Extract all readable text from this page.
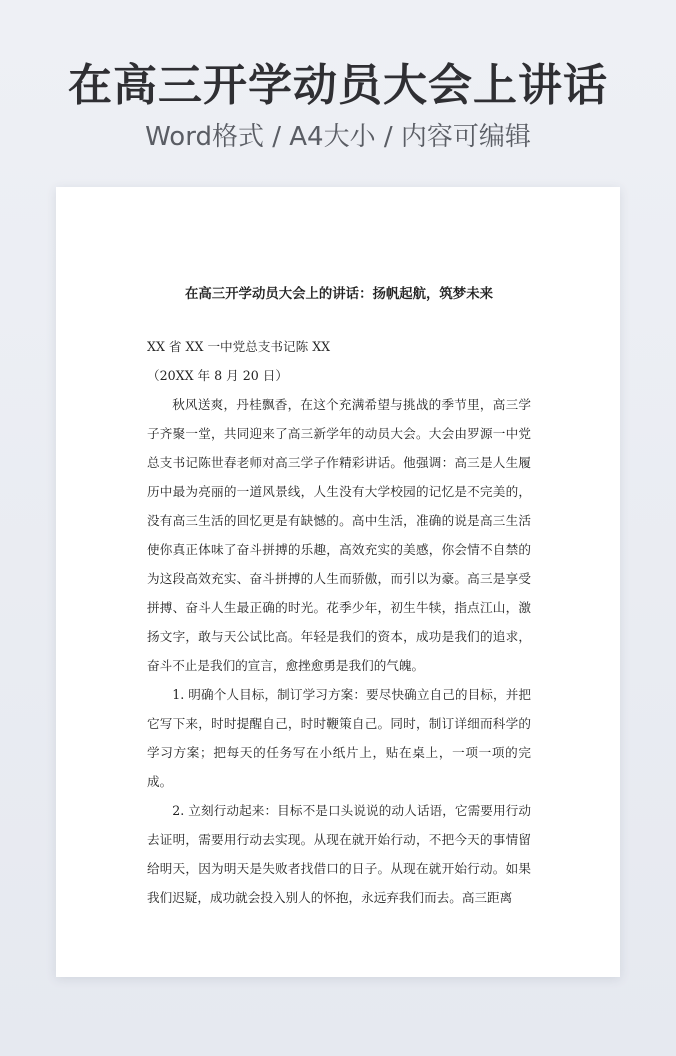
在高三开学动员大会上讲话
Word格式 / A4大小 / 内容可编辑
在高三开学动员大会上的讲话：扬帆起航，筑梦未来

XX 省 XX 一中党总支书记陈 XX

（20XX 年 8 月 20 日）

秋风送爽，丹桂飘香，在这个充满希望与挑战的季节里，高三学子齐聚一堂，共同迎来了高三新学年的动员大会。大会由罗源一中党总支书记陈世春老师对高三学子作精彩讲话。他强调：高三是人生履历中最为亮丽的一道风景线，人生没有大学校园的记忆是不完美的，没有高三生活的回忆更是有缺憾的。高中生活，准确的说是高三生活使你真正体味了奋斗拼搏的乐趣，高效充实的美感，你会情不自禁的为这段高效充实、奋斗拼搏的人生而骄傲，而引以为豪。高三是享受拼搏、奋斗人生最正确的时光。花季少年，初生牛犊，指点江山，激扬文字，敢与天公试比高。年轻是我们的资本，成功是我们的追求，奋斗不止是我们的宣言，愈挫愈勇是我们的气魄。

1. 明确个人目标，制订学习方案：要尽快确立自己的目标，并把它写下来，时时提醒自己，时时鞭策自己。同时，制订详细而科学的学习方案；把每天的任务写在小纸片上，贴在桌上，一项一项的完成。

2. 立刻行动起来：目标不是口头说说的动人话语，它需要用行动去证明，需要用行动去实现。从现在就开始行动，不把今天的事情留给明天，因为明天是失败者找借口的日子。从现在就开始行动。如果我们迟疑，成功就会投入别人的怀抱，永远弃我们而去。高三距离
